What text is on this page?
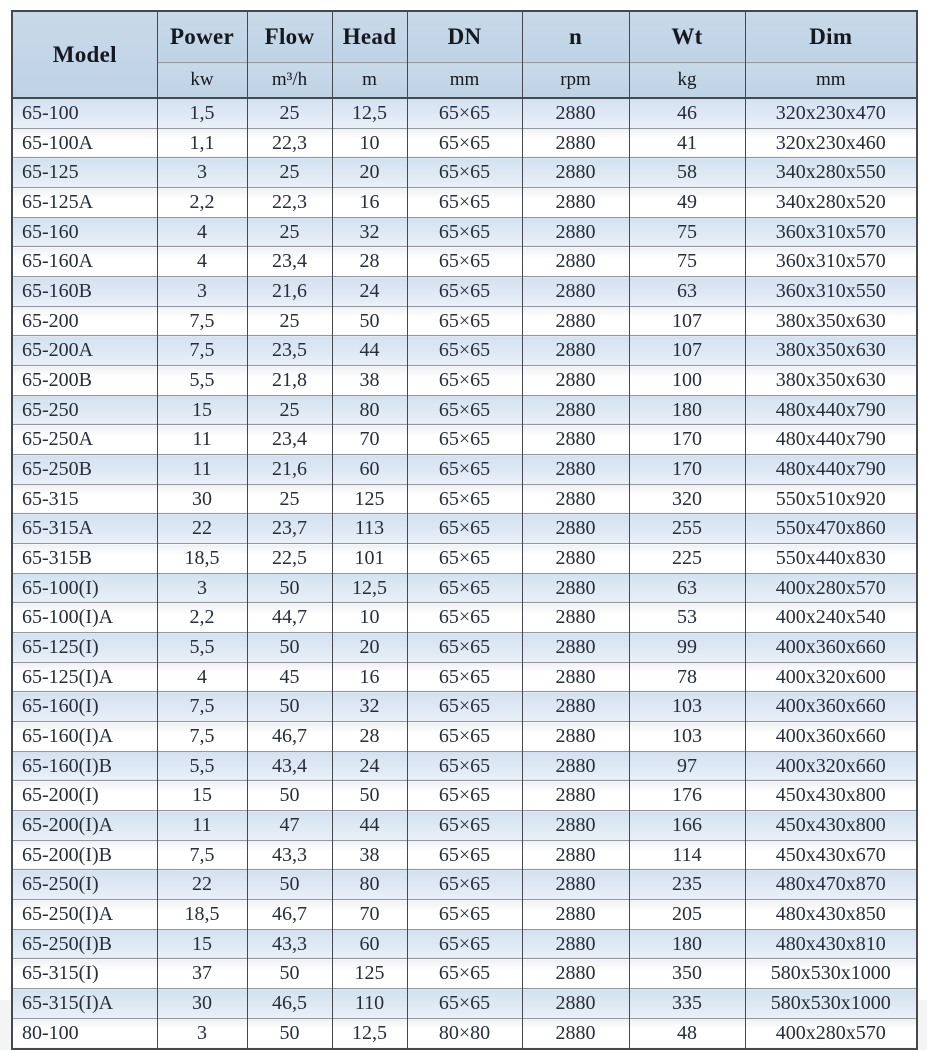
Model	Power	Flow	Head	DN	n	Wt	Dim
	kw	m³/h	m	mm	rpm	kg	mm
65-100	1,5	25	12,5	65×65	2880	46	320x230x470
65-100A	1,1	22,3	10	65×65	2880	41	320x230x460
65-125	3	25	20	65×65	2880	58	340x280x550
65-125A	2,2	22,3	16	65×65	2880	49	340x280x520
65-160	4	25	32	65×65	2880	75	360x310x570
65-160A	4	23,4	28	65×65	2880	75	360x310x570
65-160B	3	21,6	24	65×65	2880	63	360x310x550
65-200	7,5	25	50	65×65	2880	107	380x350x630
65-200A	7,5	23,5	44	65×65	2880	107	380x350x630
65-200B	5,5	21,8	38	65×65	2880	100	380x350x630
65-250	15	25	80	65×65	2880	180	480x440x790
65-250A	11	23,4	70	65×65	2880	170	480x440x790
65-250B	11	21,6	60	65×65	2880	170	480x440x790
65-315	30	25	125	65×65	2880	320	550x510x920
65-315A	22	23,7	113	65×65	2880	255	550x470x860
65-315B	18,5	22,5	101	65×65	2880	225	550x440x830
65-100(I)	3	50	12,5	65×65	2880	63	400x280x570
65-100(I)A	2,2	44,7	10	65×65	2880	53	400x240x540
65-125(I)	5,5	50	20	65×65	2880	99	400x360x660
65-125(I)A	4	45	16	65×65	2880	78	400x320x600
65-160(I)	7,5	50	32	65×65	2880	103	400x360x660
65-160(I)A	7,5	46,7	28	65×65	2880	103	400x360x660
65-160(I)B	5,5	43,4	24	65×65	2880	97	400x320x660
65-200(I)	15	50	50	65×65	2880	176	450x430x800
65-200(I)A	11	47	44	65×65	2880	166	450x430x800
65-200(I)B	7,5	43,3	38	65×65	2880	114	450x430x670
65-250(I)	22	50	80	65×65	2880	235	480x470x870
65-250(I)A	18,5	46,7	70	65×65	2880	205	480x430x850
65-250(I)B	15	43,3	60	65×65	2880	180	480x430x810
65-315(I)	37	50	125	65×65	2880	350	580x530x1000
65-315(I)A	30	46,5	110	65×65	2880	335	580x530x1000
80-100	3	50	12,5	80×80	2880	48	400x280x570
